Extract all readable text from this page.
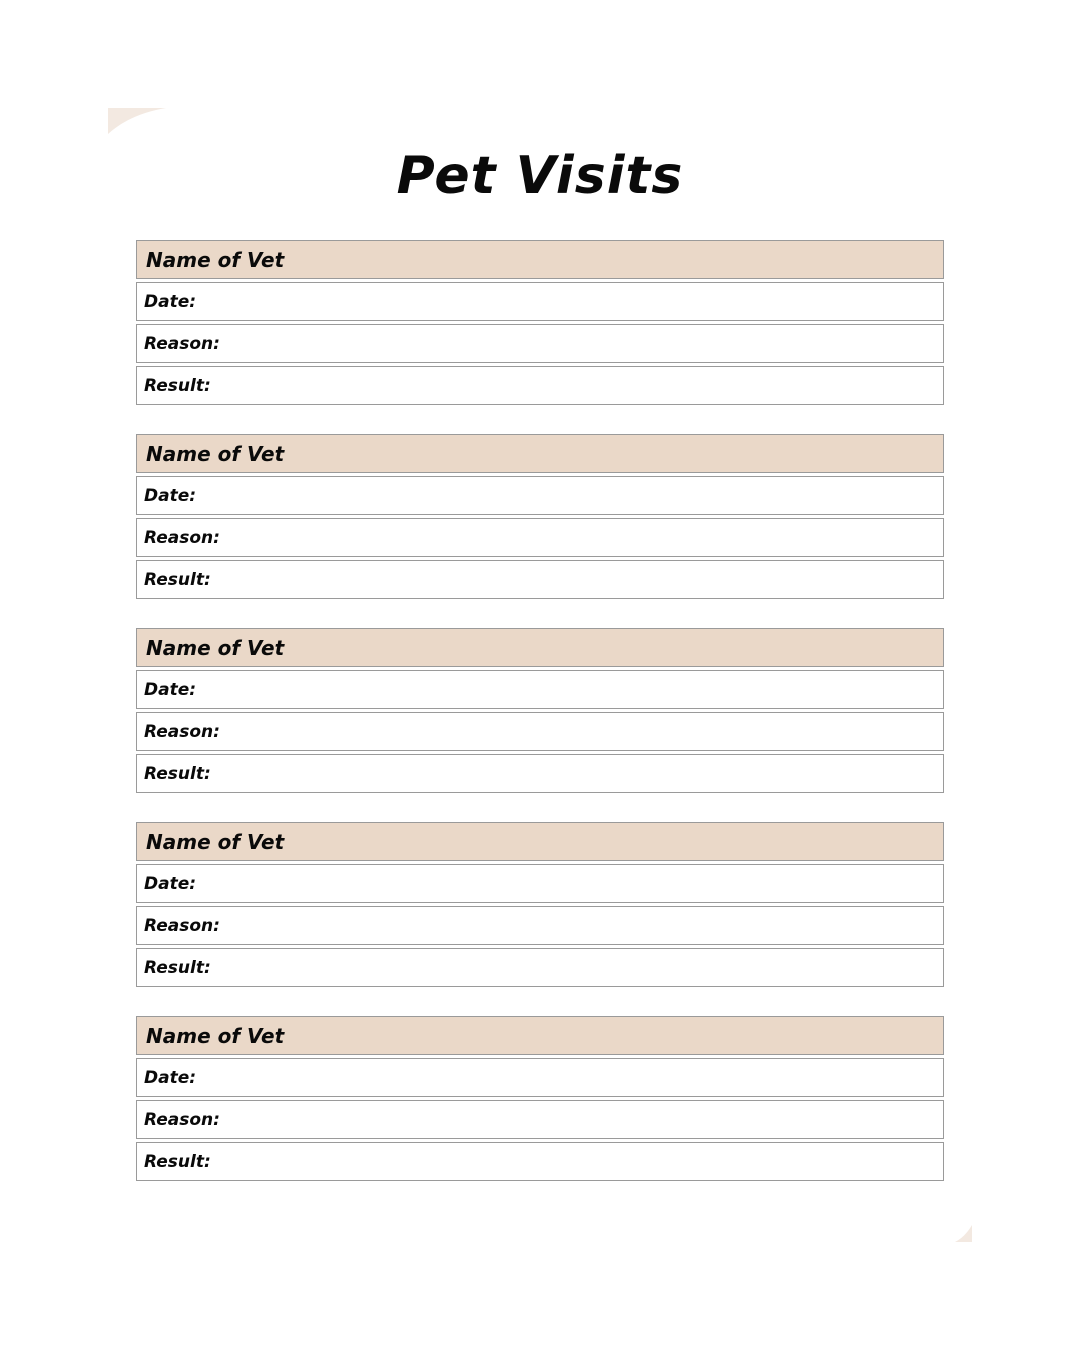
Pet Visits
Name of Vet
Date:
Reason:
Result:
Name of Vet
Date:
Reason:
Result:
Name of Vet
Date:
Reason:
Result:
Name of Vet
Date:
Reason:
Result:
Name of Vet
Date:
Reason:
Result:
